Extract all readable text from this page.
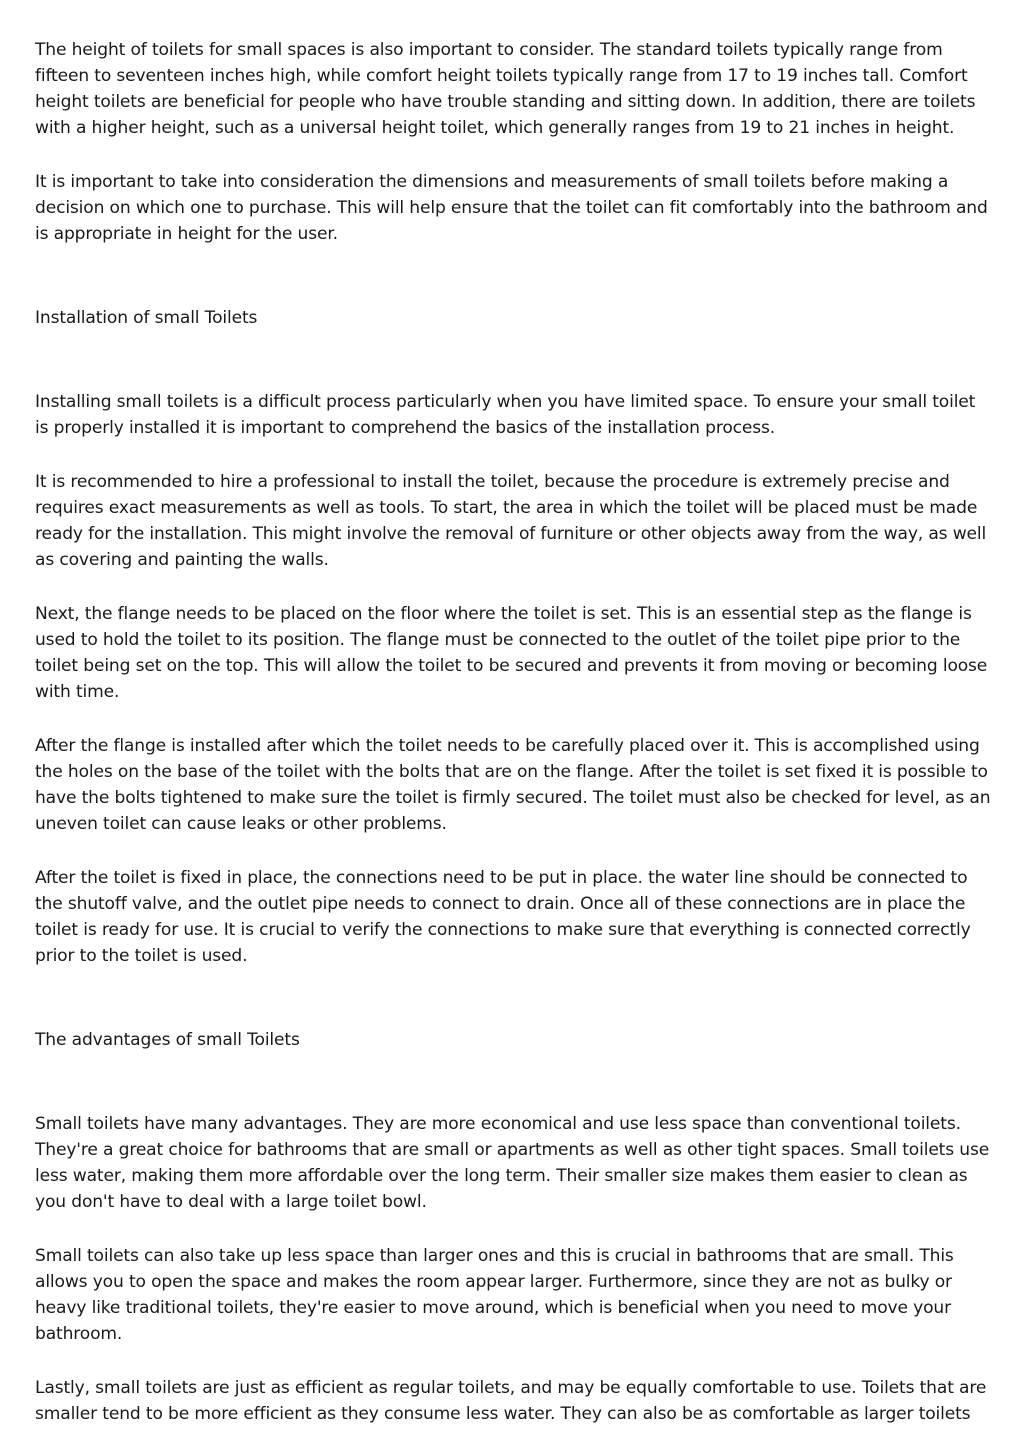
The height of toilets for small spaces is also important to consider. The standard toilets typically range from fifteen to seventeen inches high, while comfort height toilets typically range from 17 to 19 inches tall. Comfort height toilets are beneficial for people who have trouble standing and sitting down. In addition, there are toilets with a higher height, such as a universal height toilet, which generally ranges from 19 to 21 inches in height.

It is important to take into consideration the dimensions and measurements of small toilets before making a decision on which one to purchase. This will help ensure that the toilet can fit comfortably into the bathroom and is appropriate in height for the user.

Installation of small Toilets

Installing small toilets is a difficult process particularly when you have limited space. To ensure your small toilet is properly installed it is important to comprehend the basics of the installation process.

It is recommended to hire a professional to install the toilet, because the procedure is extremely precise and requires exact measurements as well as tools. To start, the area in which the toilet will be placed must be made ready for the installation. This might involve the removal of furniture or other objects away from the way, as well as covering and painting the walls.

Next, the flange needs to be placed on the floor where the toilet is set. This is an essential step as the flange is used to hold the toilet to its position. The flange must be connected to the outlet of the toilet pipe prior to the toilet being set on the top. This will allow the toilet to be secured and prevents it from moving or becoming loose with time.

After the flange is installed after which the toilet needs to be carefully placed over it. This is accomplished using the holes on the base of the toilet with the bolts that are on the flange. After the toilet is set fixed it is possible to have the bolts tightened to make sure the toilet is firmly secured. The toilet must also be checked for level, as an uneven toilet can cause leaks or other problems.

After the toilet is fixed in place, the connections need to be put in place. the water line should be connected to the shutoff valve, and the outlet pipe needs to connect to drain. Once all of these connections are in place the toilet is ready for use. It is crucial to verify the connections to make sure that everything is connected correctly prior to the toilet is used.

The advantages of small Toilets

Small toilets have many advantages. They are more economical and use less space than conventional toilets. They're a great choice for bathrooms that are small or apartments as well as other tight spaces. Small toilets use less water, making them more affordable over the long term. Their smaller size makes them easier to clean as you don't have to deal with a large toilet bowl.

Small toilets can also take up less space than larger ones and this is crucial in bathrooms that are small. This allows you to open the space and makes the room appear larger. Furthermore, since they are not as bulky or heavy like traditional toilets, they're easier to move around, which is beneficial when you need to move your bathroom.

Lastly, small toilets are just as efficient as regular toilets, and may be equally comfortable to use. Toilets that are smaller tend to be more efficient as they consume less water. They can also be as comfortable as larger toilets
